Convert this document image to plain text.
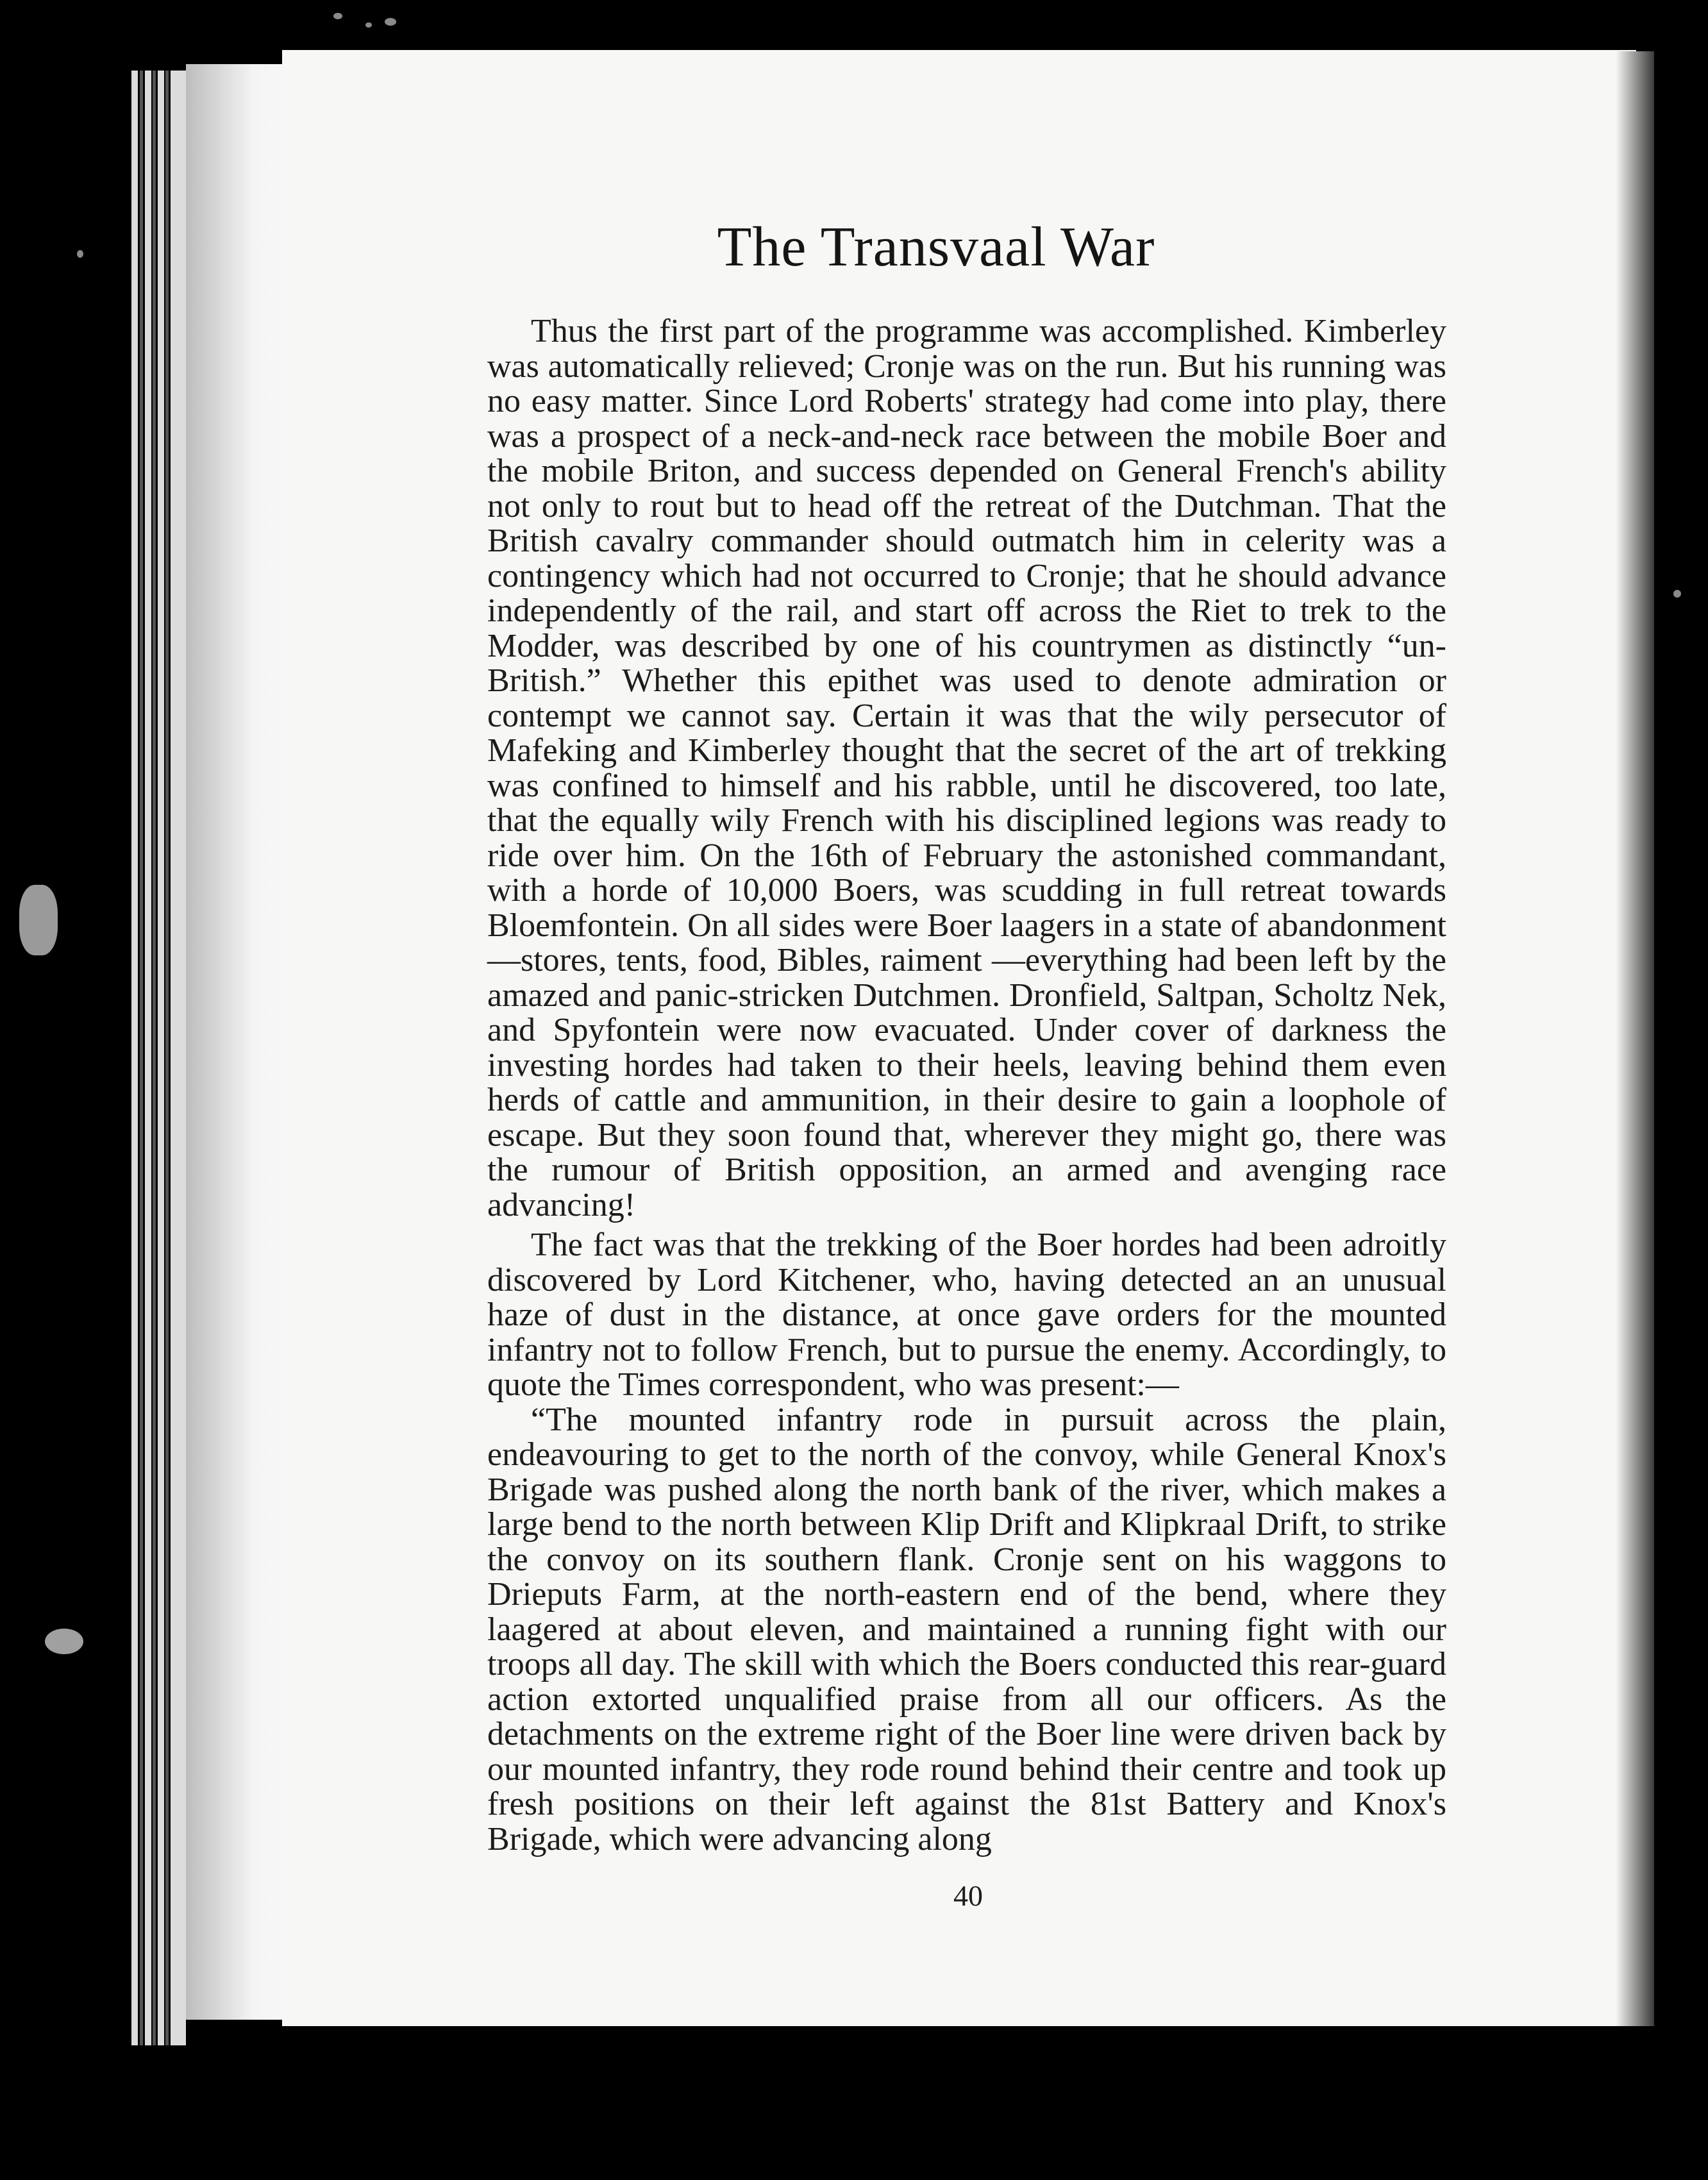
The Transvaal War

Thus the first part of the programme was accomplished. Kimberley was automatically relieved; Cronje was on the run. But his running was no easy matter. Since Lord Roberts' strategy had come into play, there was a prospect of a neck-and-neck race between the mobile Boer and the mobile Briton, and success depended on General French's ability not only to rout but to head off the retreat of the Dutchman. That the British cavalry commander should outmatch him in celerity was a contingency which had not occurred to Cronje; that he should advance independently of the rail, and start off across the Riet to trek to the Modder, was described by one of his countrymen as distinctly “un-British.” Whether this epithet was used to denote admiration or contempt we cannot say. Certain it was that the wily persecutor of Mafeking and Kimberley thought that the secret of the art of trekking was confined to himself and his rabble, until he discovered, too late, that the equally wily French with his disciplined legions was ready to ride over him. On the 16th of February the astonished commandant, with a horde of 10,000 Boers, was scudding in full retreat towards Bloemfontein. On all sides were Boer laagers in a state of abandonment—stores, tents, food, Bibles, raiment —everything had been left by the amazed and panic-stricken Dutchmen. Dronfield, Saltpan, Scholtz Nek, and Spyfontein were now evacuated. Under cover of darkness the investing hordes had taken to their heels, leaving behind them even herds of cattle and ammunition, in their desire to gain a loophole of escape. But they soon found that, wherever they might go, there was the rumour of British opposition, an armed and avenging race advancing!

The fact was that the trekking of the Boer hordes had been adroitly discovered by Lord Kitchener, who, having detected an an unusual haze of dust in the distance, at once gave orders for the mounted infantry not to follow French, but to pursue the enemy. Accordingly, to quote the Times correspondent, who was present:—

“The mounted infantry rode in pursuit across the plain, endeavouring to get to the north of the convoy, while General Knox's Brigade was pushed along the north bank of the river, which makes a large bend to the north between Klip Drift and Klipkraal Drift, to strike the convoy on its southern flank. Cronje sent on his waggons to Drieputs Farm, at the north-eastern end of the bend, where they laagered at about eleven, and maintained a running fight with our troops all day. The skill with which the Boers conducted this rear-guard action extorted unqualified praise from all our officers. As the detachments on the extreme right of the Boer line were driven back by our mounted infantry, they rode round behind their centre and took up fresh positions on their left against the 81st Battery and Knox's Brigade, which were advancing along

40
